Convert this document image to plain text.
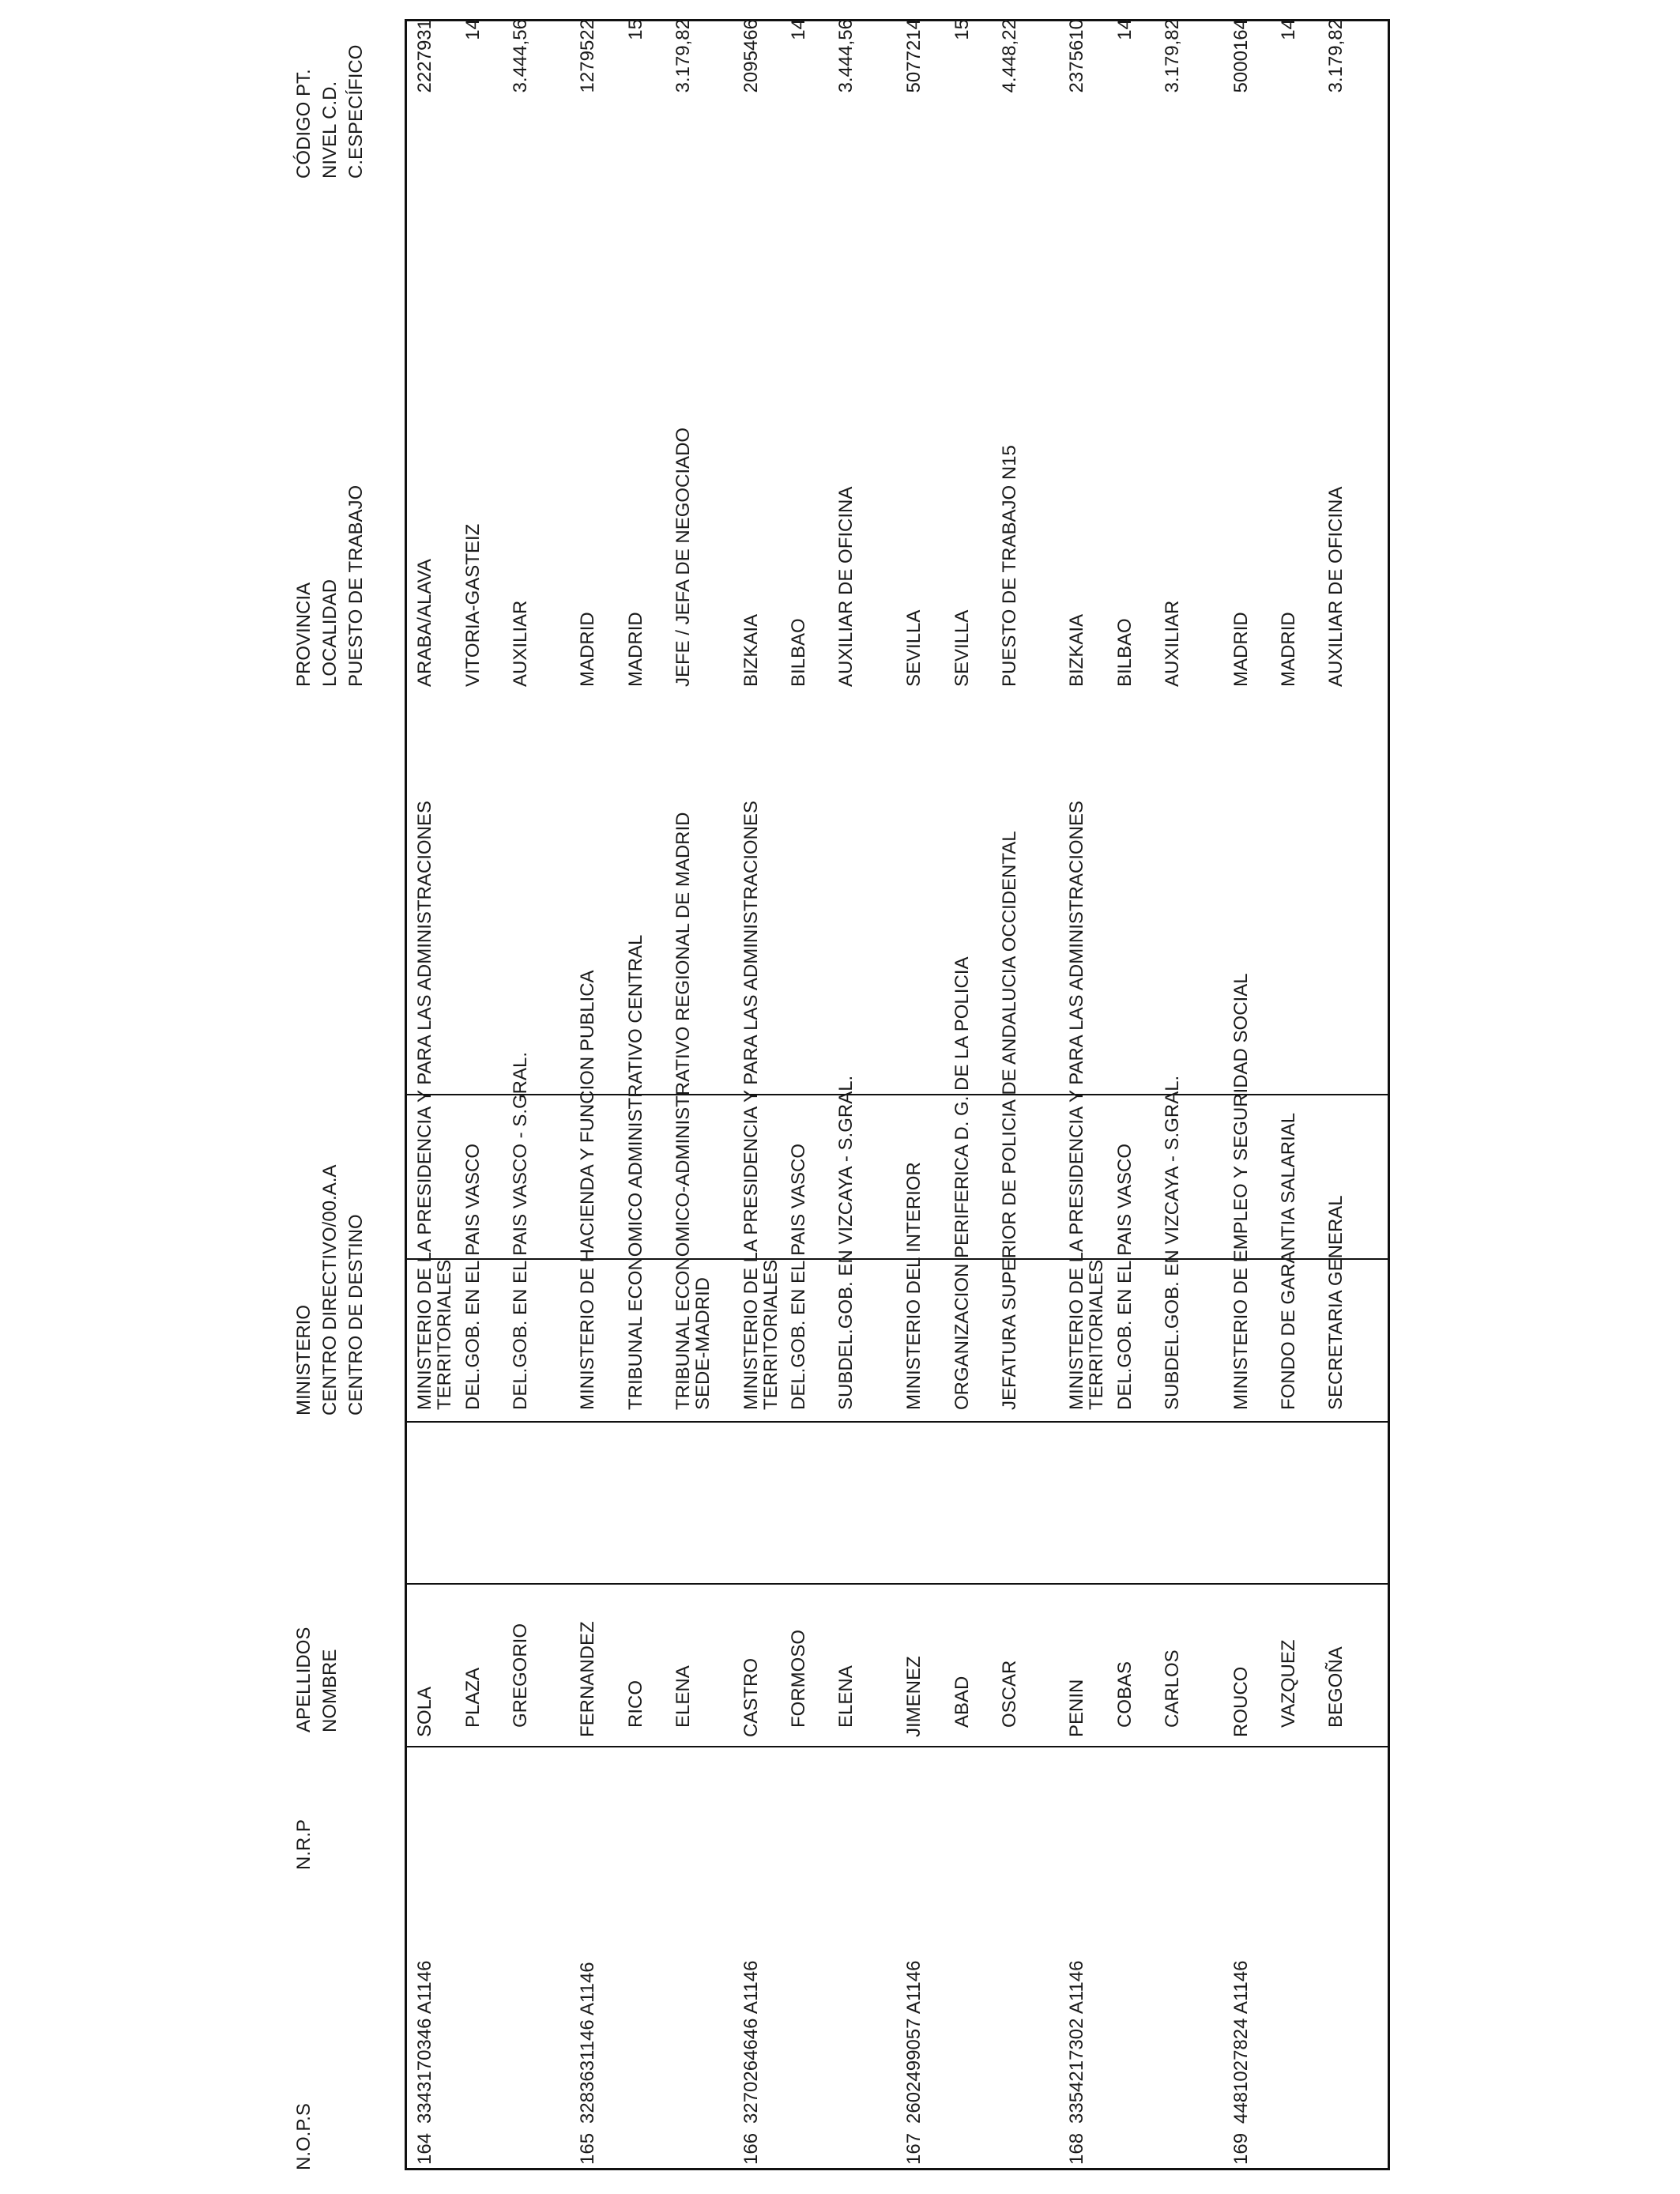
N.O.P.S
N.R.P
APELLIDOS NOMBRE
MINISTERIO CENTRO DIRECTIVO/00.A.A CENTRO DE DESTINO
PROVINCIA LOCALIDAD PUESTO DE TRABAJO
CÓDIGO PT. NIVEL C.D. C.ESPECÍFICO
164
3343170346 A1146
SOLA PLAZA GREGORIO
MINISTERIO DE LA PRESIDENCIA Y PARA LAS ADMINISTRACIONES TERRITORIALES DEL.GOB. EN EL PAIS VASCO DEL.GOB. EN EL PAIS VASCO - S.GRAL.
ARABA/ALAVA VITORIA-GASTEIZ AUXILIAR
2227931 14 3.444,56
165
3283631146 A1146
FERNANDEZ RICO ELENA
MINISTERIO DE HACIENDA Y FUNCION PUBLICA TRIBUNAL ECONOMICO ADMINISTRATIVO CENTRAL TRIBUNAL ECONOMICO-ADMINISTRATIVO REGIONAL DE MADRID SEDE-MADRID
MADRID MADRID JEFE / JEFA DE NEGOCIADO
1279522 15 3.179,82
166
3270264646 A1146
CASTRO FORMOSO ELENA
MINISTERIO DE LA PRESIDENCIA Y PARA LAS ADMINISTRACIONES TERRITORIALES DEL.GOB. EN EL PAIS VASCO SUBDEL.GOB. EN VIZCAYA - S.GRAL.
BIZKAIA BILBAO AUXILIAR DE OFICINA
2095466 14 3.444,56
167
2602499057 A1146
JIMENEZ ABAD OSCAR
MINISTERIO DEL INTERIOR ORGANIZACION PERIFERICA D. G. DE LA POLICIA JEFATURA SUPERIOR DE POLICIA DE ANDALUCIA OCCIDENTAL
SEVILLA SEVILLA PUESTO DE TRABAJO N15
5077214 15 4.448,22
168
3354217302 A1146
PENIN COBAS CARLOS
MINISTERIO DE LA PRESIDENCIA Y PARA LAS ADMINISTRACIONES TERRITORIALES DEL.GOB. EN EL PAIS VASCO SUBDEL.GOB. EN VIZCAYA - S.GRAL.
BIZKAIA BILBAO AUXILIAR
2375610 14 3.179,82
169
4481027824 A1146
ROUCO VAZQUEZ BEGOÑA
MINISTERIO DE EMPLEO Y SEGURIDAD SOCIAL FONDO DE GARANTIA SALARIAL SECRETARIA GENERAL
MADRID MADRID AUXILIAR DE OFICINA
5000164 14 3.179,82
